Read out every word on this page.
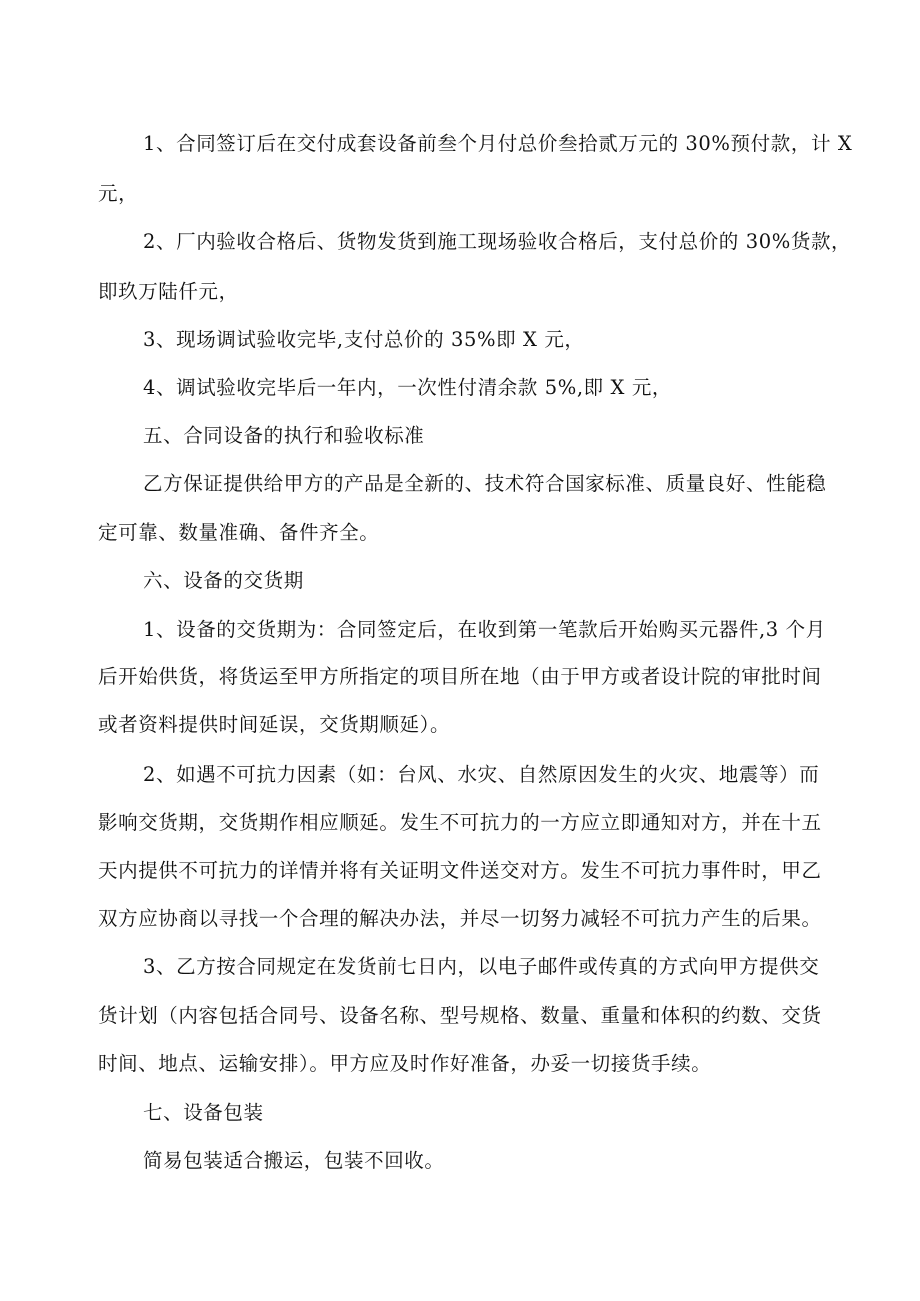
1、合同签订后在交付成套设备前叁个月付总价叁拾贰万元的 30%预付款，计 X
元，
2、厂内验收合格后、货物发货到施工现场验收合格后，支付总价的 30%货款，
即玖万陆仟元，
3、现场调试验收完毕,支付总价的 35%即 X 元，
4、调试验收完毕后一年内，一次性付清余款 5%,即 X 元，
五、合同设备的执行和验收标准
乙方保证提供给甲方的产品是全新的、技术符合国家标准、质量良好、性能稳
定可靠、数量准确、备件齐全。
六、设备的交货期
1、设备的交货期为：合同签定后，在收到第一笔款后开始购买元器件,3 个月
后开始供货，将货运至甲方所指定的项目所在地（由于甲方或者设计院的审批时间
或者资料提供时间延误，交货期顺延）。
2、如遇不可抗力因素（如：台风、水灾、自然原因发生的火灾、地震等）而
影响交货期，交货期作相应顺延。发生不可抗力的一方应立即通知对方，并在十五
天内提供不可抗力的详情并将有关证明文件送交对方。发生不可抗力事件时，甲乙
双方应协商以寻找一个合理的解决办法，并尽一切努力减轻不可抗力产生的后果。
3、乙方按合同规定在发货前七日内，以电子邮件或传真的方式向甲方提供交
货计划（内容包括合同号、设备名称、型号规格、数量、重量和体积的约数、交货
时间、地点、运输安排）。甲方应及时作好准备，办妥一切接货手续。
七、设备包装
简易包装适合搬运，包装不回收。
